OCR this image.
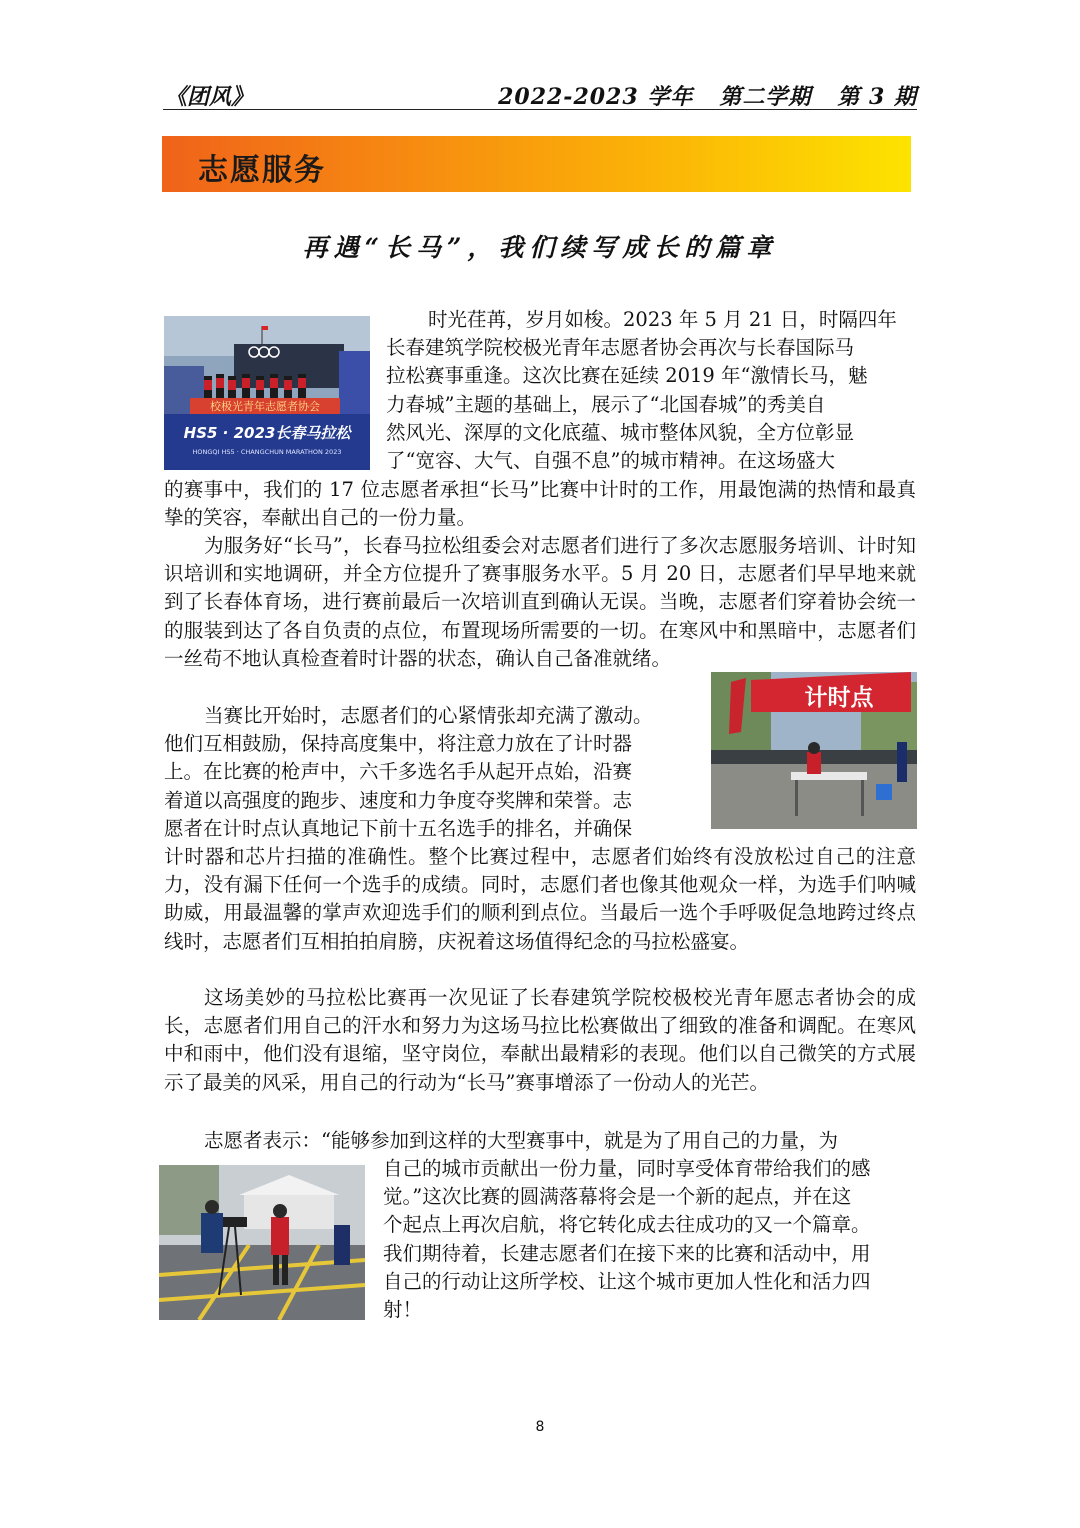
《团风》	2022-2023 学年 第二学期 第 3 期
志愿服务
再遇“长马”，我们续写成长的篇章
校极光青年志愿者协会
HS5 · 2023长春马拉松
HONGQI HS5 · CHANGCHUN MARATHON 2023
时光荏苒，岁月如梭。2023 年 5 月 21 日，时隔四年
长春建筑学院校极光青年志愿者协会再次与长春国际马
拉松赛事重逢。这次比赛在延续 2019 年“激情长马，魅
力春城”主题的基础上，展示了“北国春城”的秀美自
然风光、深厚的文化底蕴、城市整体风貌，全方位彰显
了“宽容、大气、自强不息”的城市精神。在这场盛大

的赛事中，我们的 17 位志愿者承担“长马”比赛中计时的工作，用最饱满的热情和最真挚的笑容，奉献出自己的一份力量。

为服务好“长马”，长春马拉松组委会对志愿者们进行了多次志愿服务培训、计时知识培训和实地调研，并全方位提升了赛事服务水平。5 月 20 日，志愿者们早早地来就到了长春体育场，进行赛前最后一次培训直到确认无误。当晚，志愿者们穿着协会统一的服装到达了各自负责的点位，布置现场所需要的一切。在寒风中和黑暗中，志愿者们一丝苟不地认真检查着时计器的状态，确认自己备准就绪。

计时点
当赛比开始时，志愿者们的心紧情张却充满了激动。
他们互相鼓励，保持高度集中，将注意力放在了计时器
上。在比赛的枪声中，六千多选名手从起开点始，沿赛
着道以高强度的跑步、速度和力争度夺奖牌和荣誉。志
愿者在计时点认真地记下前十五名选手的排名，并确保

计时器和芯片扫描的准确性。整个比赛过程中，志愿者们始终有没放松过自己的注意力，没有漏下任何一个选手的成绩。同时，志愿们者也像其他观众一样，为选手们呐喊助威，用最温馨的掌声欢迎选手们的顺利到点位。当最后一选个手呼吸促急地跨过终点线时，志愿者们互相拍拍肩膀，庆祝着这场值得纪念的马拉松盛宴。

这场美妙的马拉松比赛再一次见证了长春建筑学院校极校光青年愿志者协会的成长，志愿者们用自己的汗水和努力为这场马拉比松赛做出了细致的准备和调配。在寒风中和雨中，他们没有退缩，坚守岗位，奉献出最精彩的表现。他们以自己微笑的方式展示了最美的风采，用自己的行动为“长马”赛事增添了一份动人的光芒。

志愿者表示：“能够参加到这样的大型赛事中，就是为了用自己的力量，为

自己的城市贡献出一份力量，同时享受体育带给我们的感
觉。”这次比赛的圆满落幕将会是一个新的起点，并在这
个起点上再次启航，将它转化成去往成功的又一个篇章。
我们期待着，长建志愿者们在接下来的比赛和活动中，用
自己的行动让这所学校、让这个城市更加人性化和活力四
射！
8
